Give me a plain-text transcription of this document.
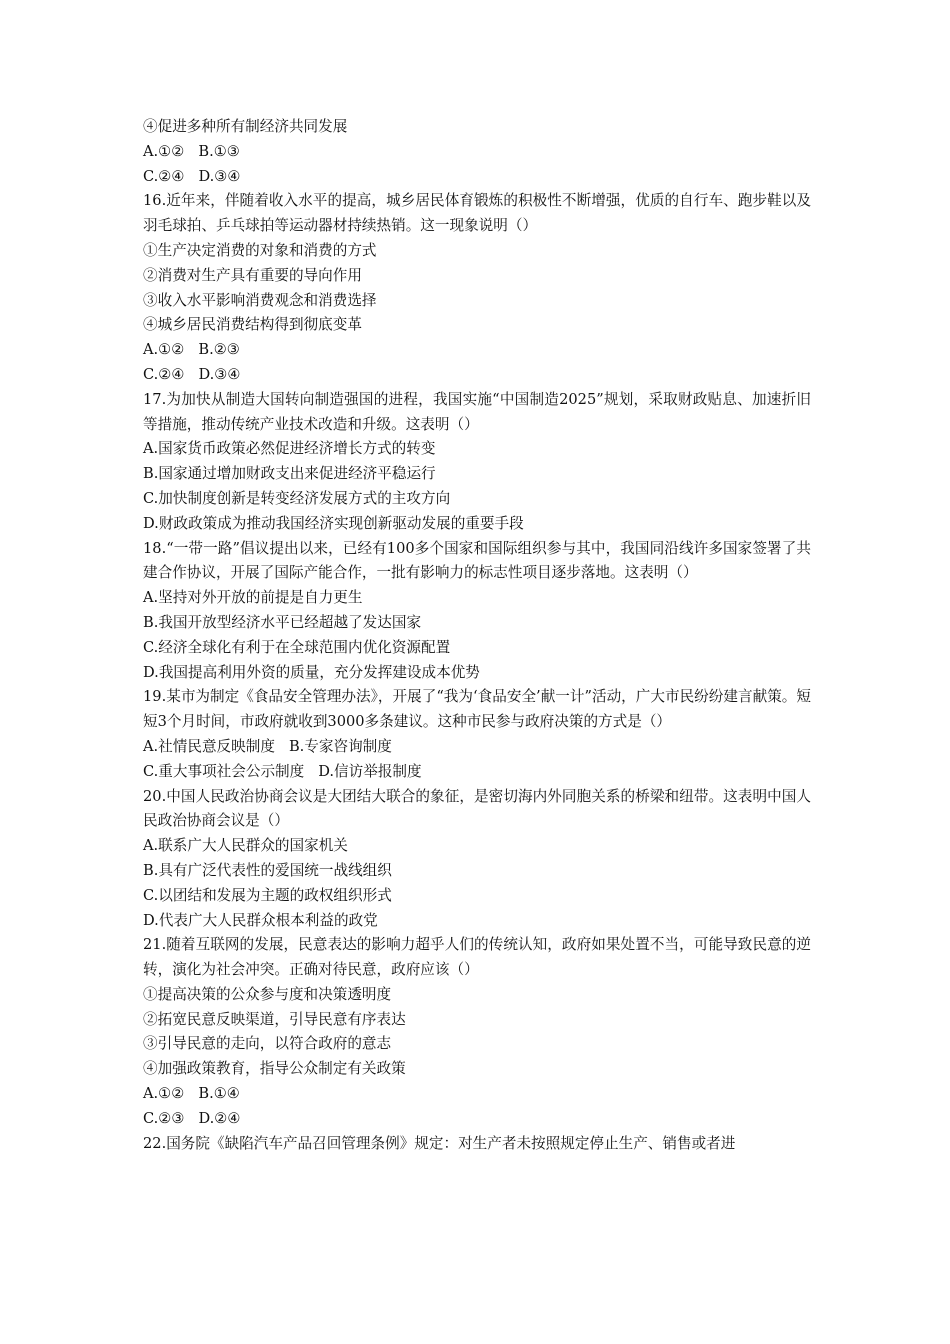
④促进多种所有制经济共同发展
A.①② B.①③
C.②④ D.③④
16.近年来，伴随着收入水平的提高，城乡居民体育锻炼的积极性不断增强，优质的自行车、跑步鞋以及羽毛球拍、乒乓球拍等运动器材持续热销。这一现象说明（）
①生产决定消费的对象和消费的方式
②消费对生产具有重要的导向作用
③收入水平影响消费观念和消费选择
④城乡居民消费结构得到彻底变革
A.①② B.②③
C.②④ D.③④
17.为加快从制造大国转向制造强国的进程，我国实施“中国制造2025”规划，采取财政贴息、加速折旧等措施，推动传统产业技术改造和升级。这表明（）
A.国家货币政策必然促进经济增长方式的转变
B.国家通过增加财政支出来促进经济平稳运行
C.加快制度创新是转变经济发展方式的主攻方向
D.财政政策成为推动我国经济实现创新驱动发展的重要手段
18.“一带一路”倡议提出以来，已经有100多个国家和国际组织参与其中，我国同沿线许多国家签署了共建合作协议，开展了国际产能合作，一批有影响力的标志性项目逐步落地。这表明（）
A.坚持对外开放的前提是自力更生
B.我国开放型经济水平已经超越了发达国家
C.经济全球化有利于在全球范围内优化资源配置
D.我国提高利用外资的质量，充分发挥建设成本优势
19.某市为制定《食品安全管理办法》，开展了“我为‘食品安全’献一计”活动，广大市民纷纷建言献策。短短3个月时间，市政府就收到3000多条建议。这种市民参与政府决策的方式是（）
A.社情民意反映制度 B.专家咨询制度
C.重大事项社会公示制度 D.信访举报制度
20.中国人民政治协商会议是大团结大联合的象征，是密切海内外同胞关系的桥梁和纽带。这表明中国人民政治协商会议是（）
A.联系广大人民群众的国家机关
B.具有广泛代表性的爱国统一战线组织
C.以团结和发展为主题的政权组织形式
D.代表广大人民群众根本利益的政党
21.随着互联网的发展，民意表达的影响力超乎人们的传统认知，政府如果处置不当，可能导致民意的逆转，演化为社会冲突。正确对待民意，政府应该（）
①提高决策的公众参与度和决策透明度
②拓宽民意反映渠道，引导民意有序表达
③引导民意的走向，以符合政府的意志
④加强政策教育，指导公众制定有关政策
A.①② B.①④
C.②③ D.②④
22.国务院《缺陷汽车产品召回管理条例》规定：对生产者未按照规定停止生产、销售或者进
